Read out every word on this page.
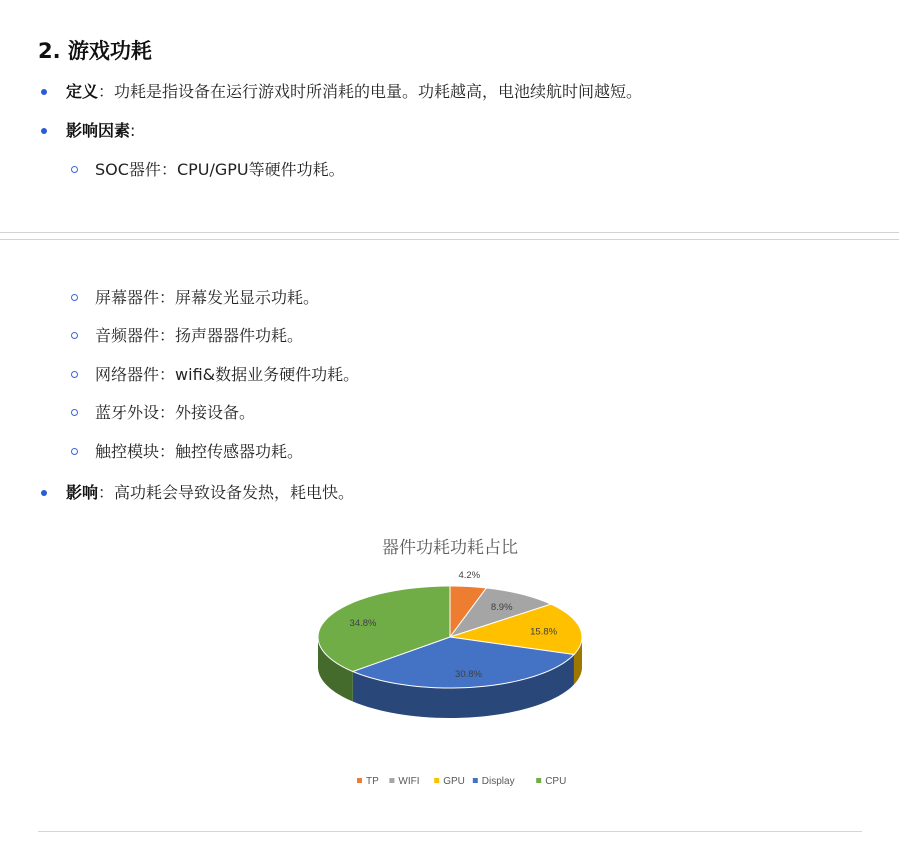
2. 游戏功耗
定义：功耗是指设备在运行游戏时所消耗的电量。功耗越高，电池续航时间越短。
影响因素:
SOC器件：CPU/GPU等硬件功耗。
屏幕器件：屏幕发光显示功耗。
音频器件：扬声器器件功耗。
网络器件：wifi&数据业务硬件功耗。
蓝牙外设：外接设备。
触控模块：触控传感器功耗。
影响：高功耗会导致设备发热，耗电快。
器件功耗功耗占比
4.2%
8.9%
15.8%
30.8%
34.8%
TP WIFI GPU Display	CPU
